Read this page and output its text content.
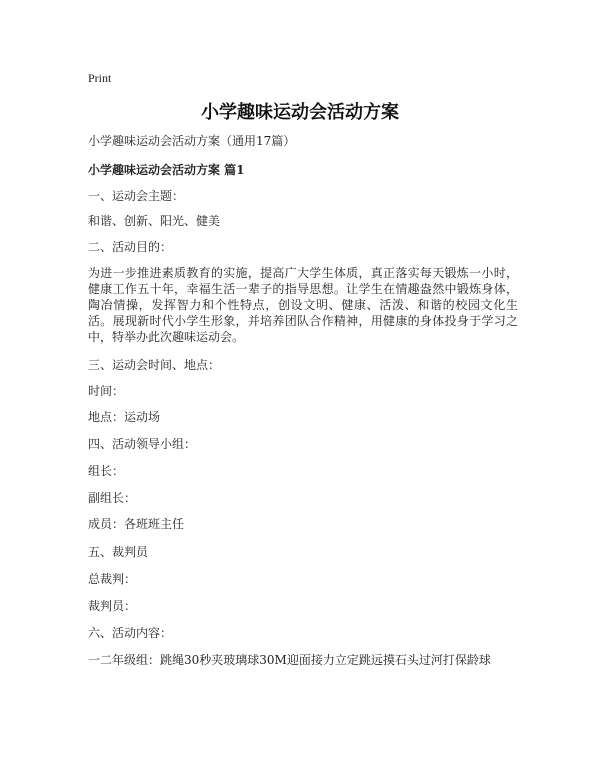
Print
小学趣味运动会活动方案
小学趣味运动会活动方案（通用17篇）
小学趣味运动会活动方案 篇1
一、运动会主题：
和谐、创新、阳光、健美
二、活动目的：
为进一步推进素质教育的实施，提高广大学生体质，真正落实每天锻炼一小时，健康工作五十年，幸福生活一辈子的指导思想。让学生在情趣盎然中锻炼身体，陶冶情操，发挥智力和个性特点，创设文明、健康、活泼、和谐的校园文化生活。展现新时代小学生形象，并培养团队合作精神，用健康的身体投身于学习之中，特举办此次趣味运动会。
三、运动会时间、地点：
时间：
地点：运动场
四、活动领导小组：
组长：
副组长：
成员：各班班主任
五、裁判员
总裁判：
裁判员：
六、活动内容：
一二年级组：跳绳30秒夹玻璃球30M迎面接力立定跳远摸石头过河打保龄球
